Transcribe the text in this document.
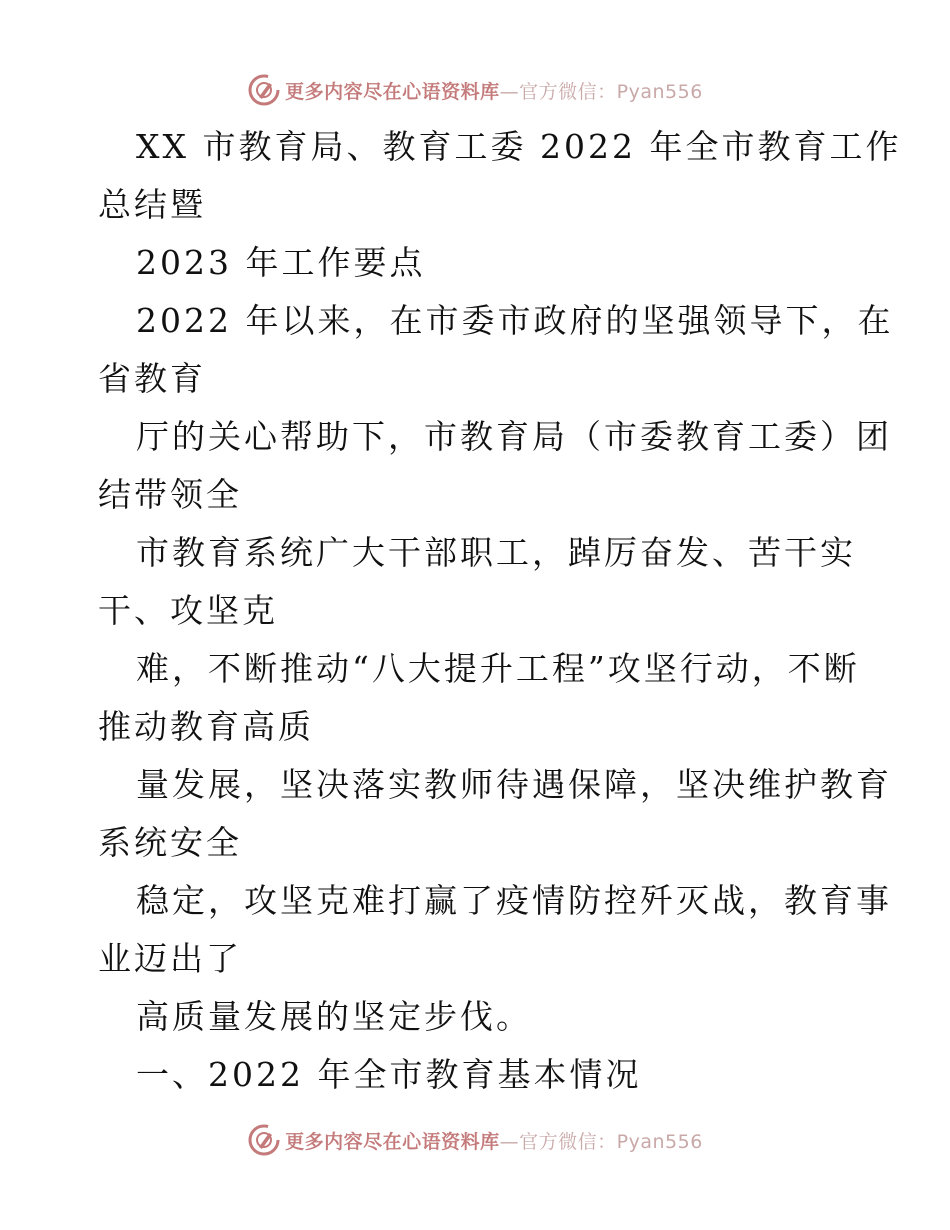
更多内容尽在心语资料库—官方微信：Pyan556
XX 市教育局、教育工委 2022 年全市教育工作
总结暨
2023 年工作要点
2022 年以来，在市委市政府的坚强领导下，在
省教育
厅的关心帮助下，市教育局（市委教育工委）团
结带领全
市教育系统广大干部职工，踔厉奋发、苦干实
干、攻坚克
难，不断推动“八大提升工程”攻坚行动，不断
推动教育高质
量发展，坚决落实教师待遇保障，坚决维护教育
系统安全
稳定，攻坚克难打赢了疫情防控歼灭战，教育事
业迈出了
高质量发展的坚定步伐。
一、2022 年全市教育基本情况
更多内容尽在心语资料库—官方微信：Pyan556
